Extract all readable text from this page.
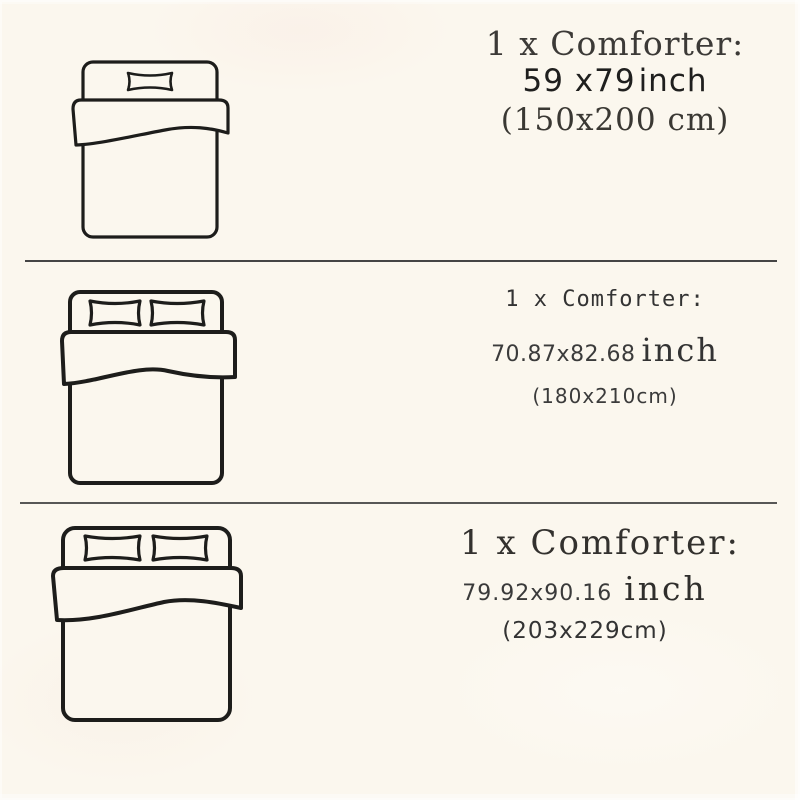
1 x Comforter:
59 x79 inch
(150x200 cm)
1 x Comforter:
70.87x82.68 inch
(180x210cm)
1 x Comforter:
79.92x90.16 inch
(203x229cm)
